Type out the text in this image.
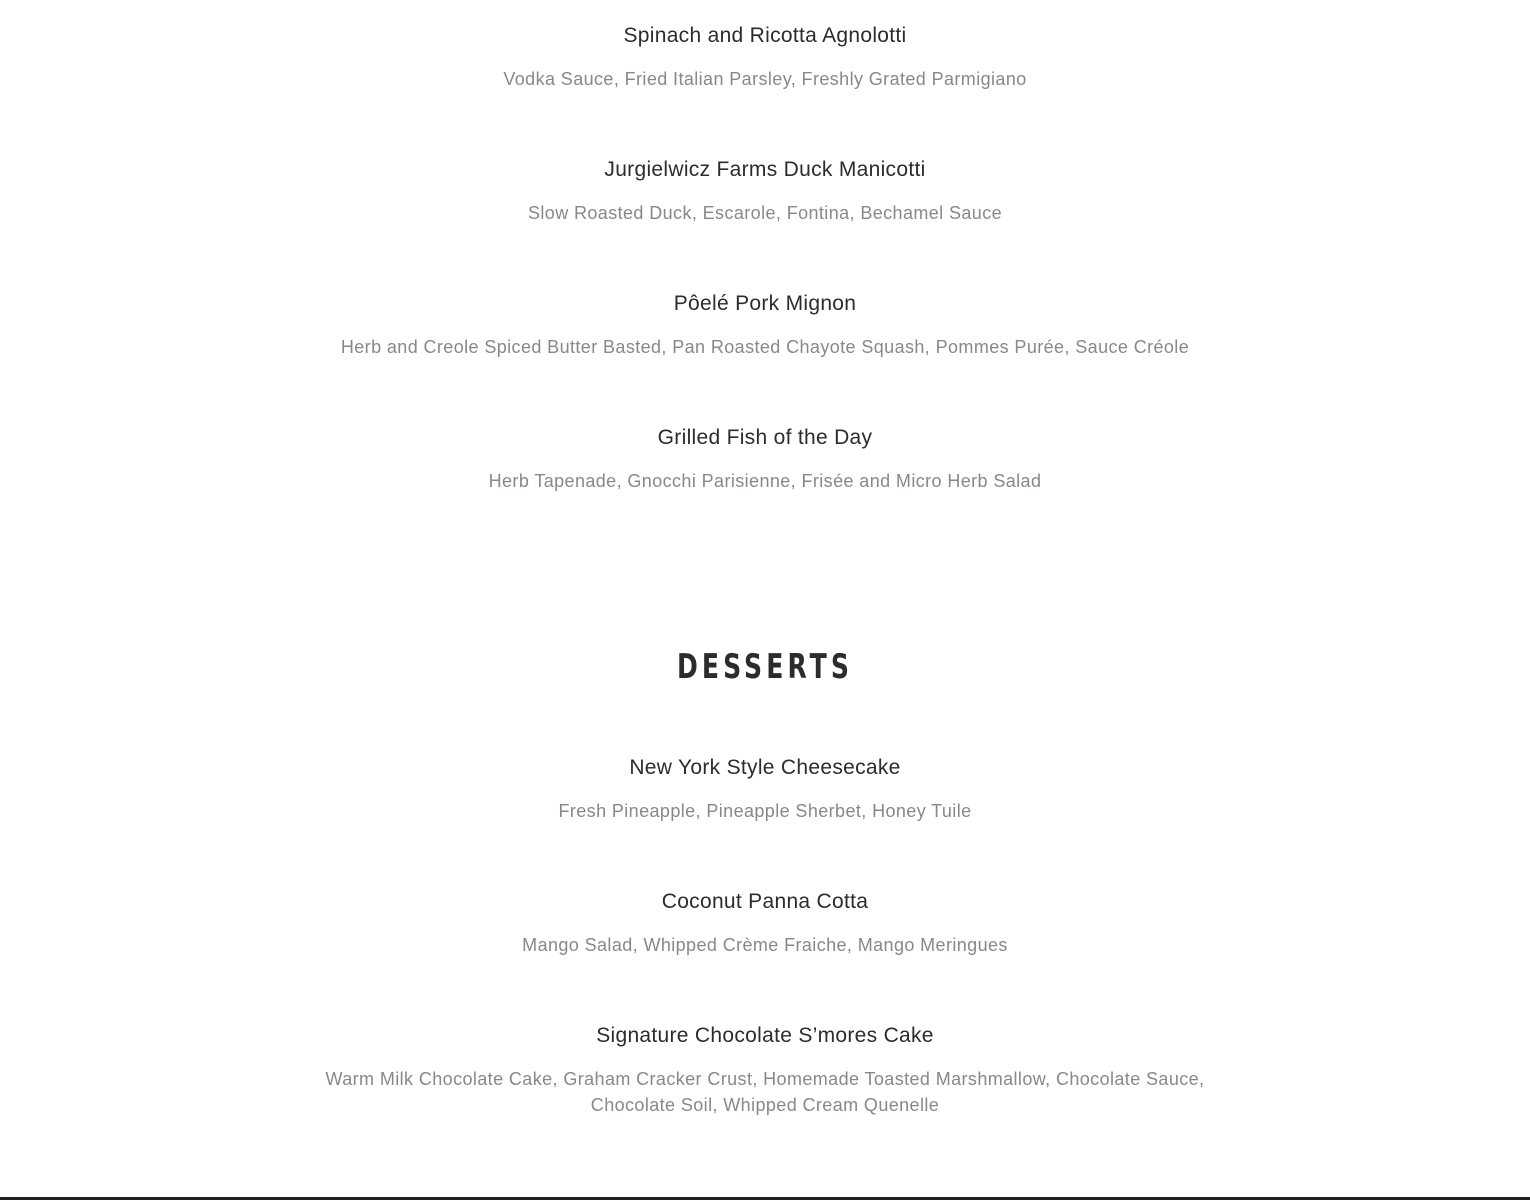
Spinach and Ricotta Agnolotti

Vodka Sauce, Fried Italian Parsley, Freshly Grated Parmigiano

Jurgielwicz Farms Duck Manicotti

Slow Roasted Duck, Escarole, Fontina, Bechamel Sauce

Pôelé Pork Mignon

Herb and Creole Spiced Butter Basted, Pan Roasted Chayote Squash, Pommes Purée, Sauce Créole

Grilled Fish of the Day

Herb Tapenade, Gnocchi Parisienne, Frisée and Micro Herb Salad

DESSERTS
New York Style Cheesecake

Fresh Pineapple, Pineapple Sherbet, Honey Tuile

Coconut Panna Cotta

Mango Salad, Whipped Crème Fraiche, Mango Meringues

Signature Chocolate S’mores Cake

Warm Milk Chocolate Cake, Graham Cracker Crust, Homemade Toasted Marshmallow, Chocolate Sauce, Chocolate Soil, Whipped Cream Quenelle
